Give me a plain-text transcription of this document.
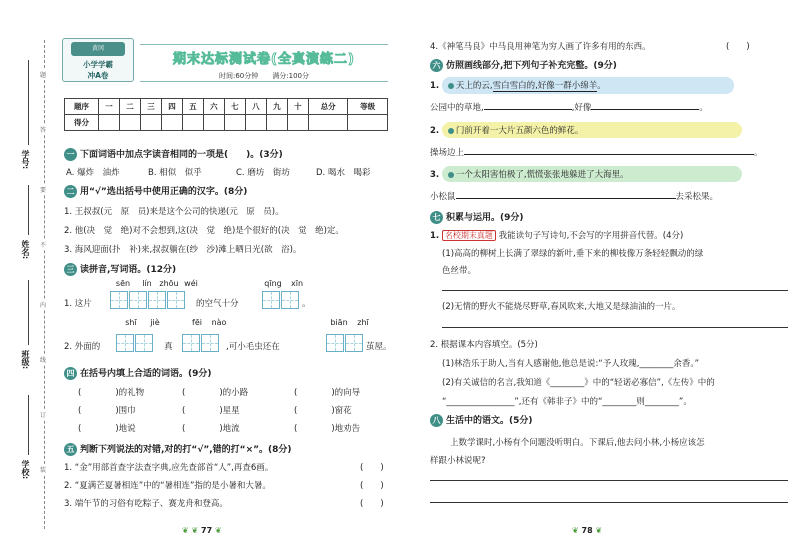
学号:
姓名:
班级:
学校:
题
答
要
不
内
线
订
装
黄冈
小学学霸
冲A卷
期末达标测试卷(全真演练二)
时间:60分钟　　满分:100分
题序	一	二	三	四	五	六	七	八	九	十	总分	等级
得分												
一 下面词语中加点字读音相同的一项是(　　)。(3分)
A. 爆炸　油炸	B. 相似　似乎	C. 磨坊　街坊	D. 喝水　喝彩
二 用“√”选出括号中使用正确的汉字。(8分)
1. 王叔叔(元　原　员)来是这个公司的快递(元　原　员)。
2. 他(决　觉　绝)对不会想到,这(决　觉　绝)是个很好的(决　觉　绝)定。
3. 海风迎面(扑　补)来,叔叔躺在(纱　沙)滩上晒日光(欲　浴)。
三 读拼音,写词语。(12分)
sēn	lín zhōu wéi	qīng	xīn
1. 这片	的空气十分	。
shī	jiè	fēi	nào	biān	zhī
2. 外面的	真	,可小毛虫还在	茧屋。
四 在括号内填上合适的词语。(9分)
(　　　　)的礼物	(　　　　)的小路	(　　　　)的向导
(　　　　)围巾	(　　　　)星星	(　　　　)窗花
(　　　　)地说	(　　　　)地流	(　　　　)地劝告
五 判断下列说法的对错,对的打“√”,错的打“×”。(8分)
1. “金”用部首查字法查字典,应先查部首“人”,再查6画。	(　　)
2. “夏满芒夏暑相连”中的“暑相连”指的是小暑和大暑。	(　　)
3. 端午节的习俗有吃粽子、赛龙舟和登高。	(　　)
❦ ❦ 77 ❦
4.《神笔马良》中马良用神笔为穷人画了许多有用的东西。	(　　)
六 仿照画线部分,把下列句子补充完整。(9分)
1. 天上的云,雪白雪白的,好像一群小绵羊。
公园中的草地,	,好像	。
2. 门前开着一大片五颜六色的鲜花。
操场边上	。
3. 一个太阳害怕极了,慌慌张张地躲进了大海里。
小松鼠	去采松果。
七 积累与运用。(9分)
1. 名校期末真题 我能读句子写诗句,不会写的字用拼音代替。(4分)
(1)高高的柳树上长满了翠绿的新叶,垂下来的柳枝像万条轻轻飘动的绿
色丝带。
(2)无情的野火不能烧尽野草,春风吹来,大地又是绿油油的一片。
2. 根据课本内容填空。(5分)
(1)林浩乐于助人,当有人感谢他,他总是说:“予人玫瑰,________余香。”
(2)有关诚信的名言,我知道《________》中的“轻诺必寡信”,《左传》中的
“________________”,还有《韩非子》中的“________则________”。
八 生活中的语文。(5分)
上数学课时,小杨有个问题没听明白。下课后,他去问小林,小杨应该怎
样跟小林说呢?
❦ 78 ❦
